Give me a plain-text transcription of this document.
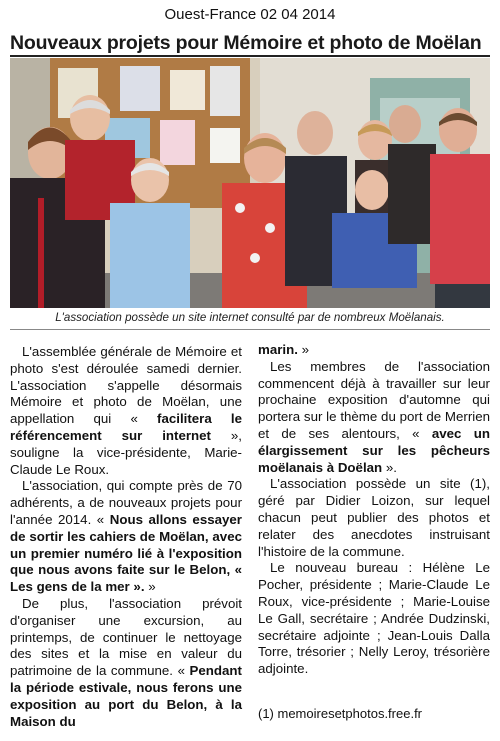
Ouest-France 02 04 2014
Nouveaux projets pour Mémoire et photo de Moëlan
L'association possède un site internet consulté par de nombreux Moëlanais.

L'assemblée générale de Mémoire et photo s'est déroulée samedi dernier. L'association s'appelle désormais Mémoire et photo de Moëlan, une appellation qui « facilitera le référencement sur internet », souligne la vice-présidente, Marie-Claude Le Roux.

L'association, qui compte près de 70 adhérents, a de nouveaux projets pour l'année 2014. « Nous allons essayer de sortir les cahiers de Moëlan, avec un premier numéro lié à l'exposition que nous avons faite sur le Belon, « Les gens de la mer ». »

De plus, l'association prévoit d'organiser une excursion, au printemps, de continuer le nettoyage des sites et la mise en valeur du patrimoine de la commune. « Pendant la période estivale, nous ferons une exposition au port du Belon, à la Maison du

marin. »

Les membres de l'association commencent déjà à travailler sur leur prochaine exposition d'automne qui portera sur le thème du port de Merrien et de ses alentours, « avec un élargissement sur les pêcheurs moëlanais à Doëlan ».

L'association possède un site (1), géré par Didier Loizon, sur lequel chacun peut publier des photos et relater des anecdotes instruisant l'histoire de la commune.

Le nouveau bureau : Hélène Le Pocher, présidente ; Marie-Claude Le Roux, vice-présidente ; Marie-Louise Le Gall, secrétaire ; Andrée Dudzinski, secrétaire adjointe ; Jean-Louis Dalla Torre, trésorier ; Nelly Leroy, trésorière adjointe.

(1) memoiresetphotos.free.fr
